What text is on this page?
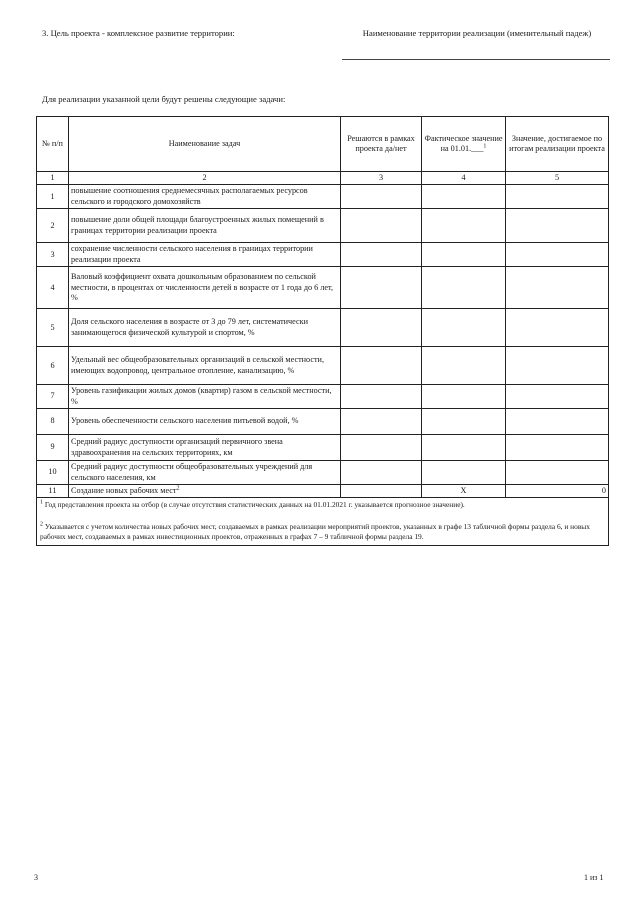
3. Цель проекта - комплексное развитие территории:	Наименование территории реализации (именительный падеж)
Для реализации указанной цели будут решены следующие задачи:
№ п/п	Наименование задач	Решаются в рамках проекта да/нет	Фактическое значение на 01.01.___$^1$	Значение, достигаемое по итогам реализации проекта
1	2	3	4	5
1	повышение соотношения среднемесячных располагаемых ресурсов сельского и городского домохозяйств			
2	повышение доли общей площади благоустроенных жилых помещений в границах территории реализации проекта			
3	сохранение численности сельского населения в границах территории реализации проекта			
4	Валовый коэффициент охвата дошкольным образованием по сельской местности, в процентах от численности детей в возрасте от 1 года до 6 лет, %			
5	Доля сельского населения в возрасте от 3 до 79 лет, систематически занимающегося физической культурой и спортом, %			
6	Удельный вес общеобразовательных организаций в сельской местности, имеющих водопровод, центральное отопление, канализацию, %			
7	Уровень газификации жилых домов (квартир) газом в сельской местности, %			
8	Уровень обеспеченности сельского населения питьевой водой, %			
9	Средний радиус доступности организаций первичного звена здравоохранения на сельских территориях, км			
10	Средний радиус доступности общеобразовательных учреждений для сельского населения, км			
11	Создание новых рабочих мест$^2$		X	0
$^1$ Год представления проекта на отбор (в случае отсутствия статистических данных на 01.01.2021 г. указывается прогнозное значение).

$^2$ Указывается с учетом количества новых рабочих мест, создаваемых в рамках реализации мероприятий проектов, указанных в графе 13 табличной формы раздела 6, и новых рабочих мест, создаваемых в рамках инвестиционных проектов, отраженных в графах 7 – 9 табличной формы раздела 19.				
3	1 из 1
